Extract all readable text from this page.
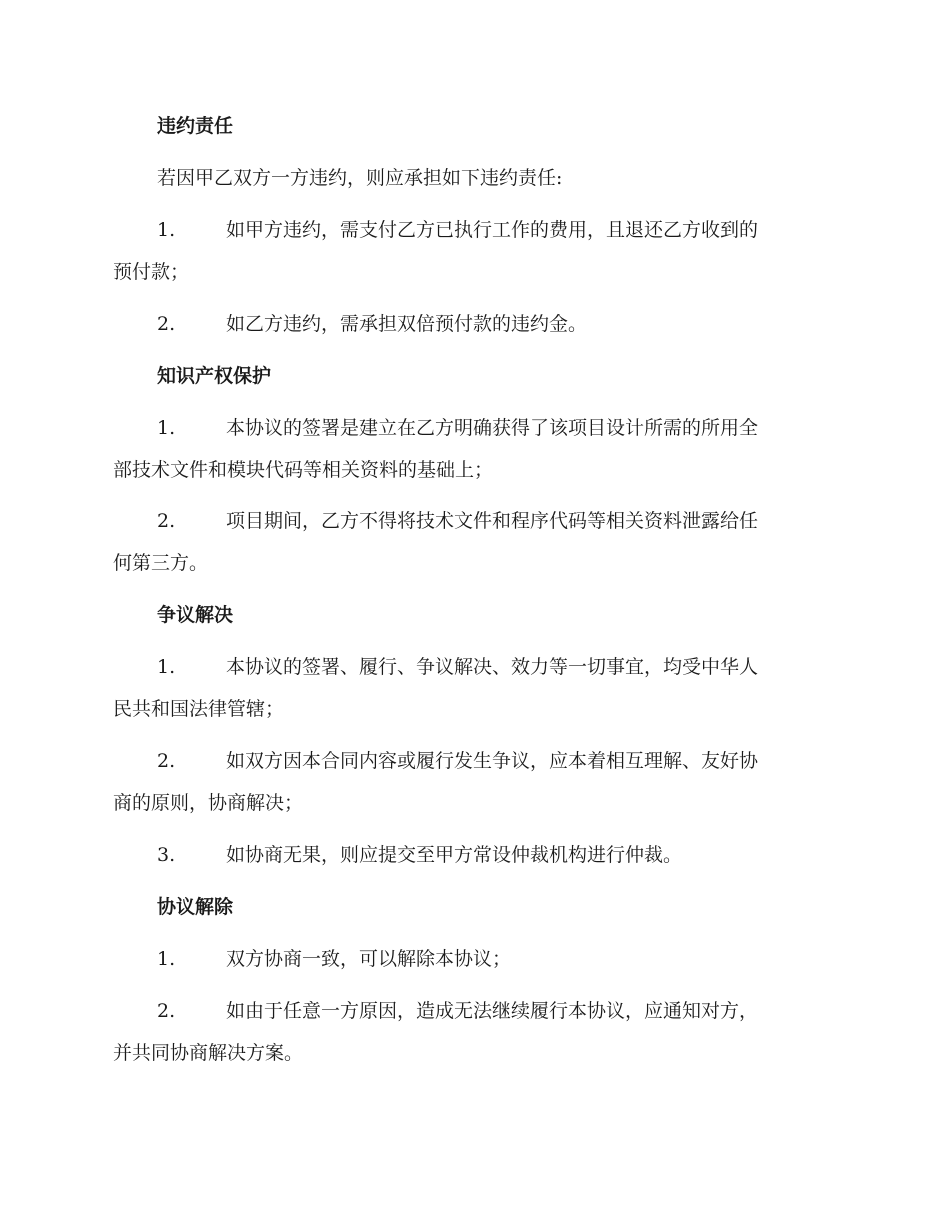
违约责任
若因甲乙双方一方违约，则应承担如下违约责任:
1.	如甲方违约，需支付乙方已执行工作的费用，且退还乙方收到的
预付款；
2.	如乙方违约，需承担双倍预付款的违约金。
知识产权保护
1.	本协议的签署是建立在乙方明确获得了该项目设计所需的所用全
部技术文件和模块代码等相关资料的基础上；
2.	项目期间，乙方不得将技术文件和程序代码等相关资料泄露给任
何第三方。
争议解决
1.	本协议的签署、履行、争议解决、效力等一切事宜，均受中华人
民共和国法律管辖；
2.	如双方因本合同内容或履行发生争议，应本着相互理解、友好协
商的原则，协商解决；
3.	如协商无果，则应提交至甲方常设仲裁机构进行仲裁。
协议解除
1.	双方协商一致，可以解除本协议；
2.	如由于任意一方原因，造成无法继续履行本协议，应通知对方，
并共同协商解决方案。
